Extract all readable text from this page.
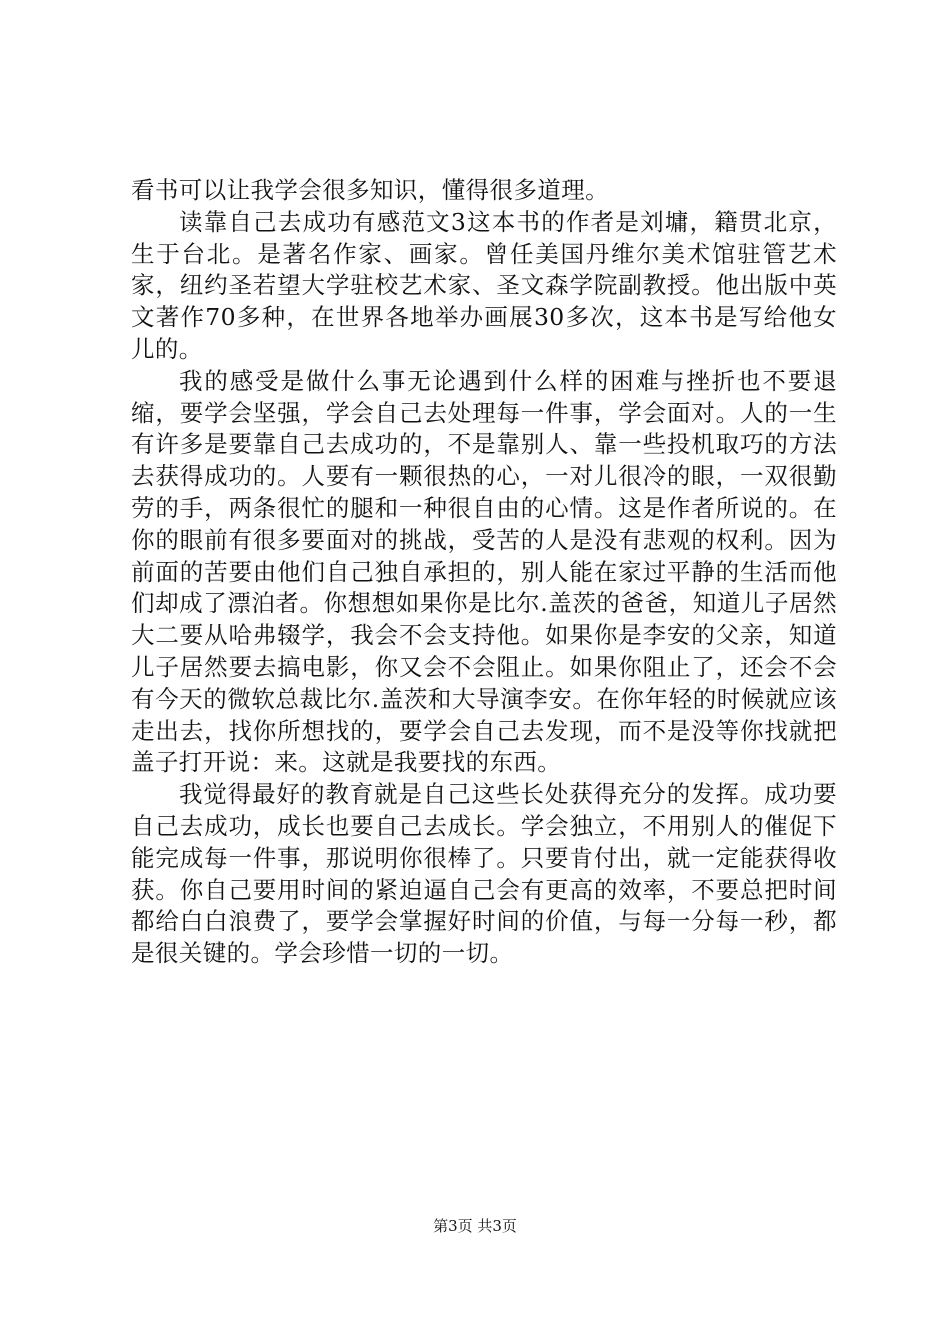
看书可以让我学会很多知识，懂得很多道理。

读靠自己去成功有感范文3这本书的作者是刘墉，籍贯北京，生于台北。是著名作家、画家。曾任美国丹维尔美术馆驻管艺术家，纽约圣若望大学驻校艺术家、圣文森学院副教授。他出版中英文著作70多种，在世界各地举办画展30多次，这本书是写给他女儿的。

我的感受是做什么事无论遇到什么样的困难与挫折也不要退缩，要学会坚强，学会自己去处理每一件事，学会面对。人的一生有许多是要靠自己去成功的，不是靠别人、靠一些投机取巧的方法去获得成功的。人要有一颗很热的心，一对儿很冷的眼，一双很勤劳的手，两条很忙的腿和一种很自由的心情。这是作者所说的。在你的眼前有很多要面对的挑战，受苦的人是没有悲观的权利。因为前面的苦要由他们自己独自承担的，别人能在家过平静的生活而他们却成了漂泊者。你想想如果你是比尔.盖茨的爸爸，知道儿子居然大二要从哈弗辍学，我会不会支持他。如果你是李安的父亲，知道儿子居然要去搞电影，你又会不会阻止。如果你阻止了，还会不会有今天的微软总裁比尔.盖茨和大导演李安。在你年轻的时候就应该走出去，找你所想找的，要学会自己去发现，而不是没等你找就把盖子打开说：来。这就是我要找的东西。

我觉得最好的教育就是自己这些长处获得充分的发挥。成功要自己去成功，成长也要自己去成长。学会独立，不用别人的催促下能完成每一件事，那说明你很棒了。只要肯付出，就一定能获得收获。你自己要用时间的紧迫逼自己会有更高的效率，不要总把时间都给白白浪费了，要学会掌握好时间的价值，与每一分每一秒，都是很关键的。学会珍惜一切的一切。

第3页 共3页
